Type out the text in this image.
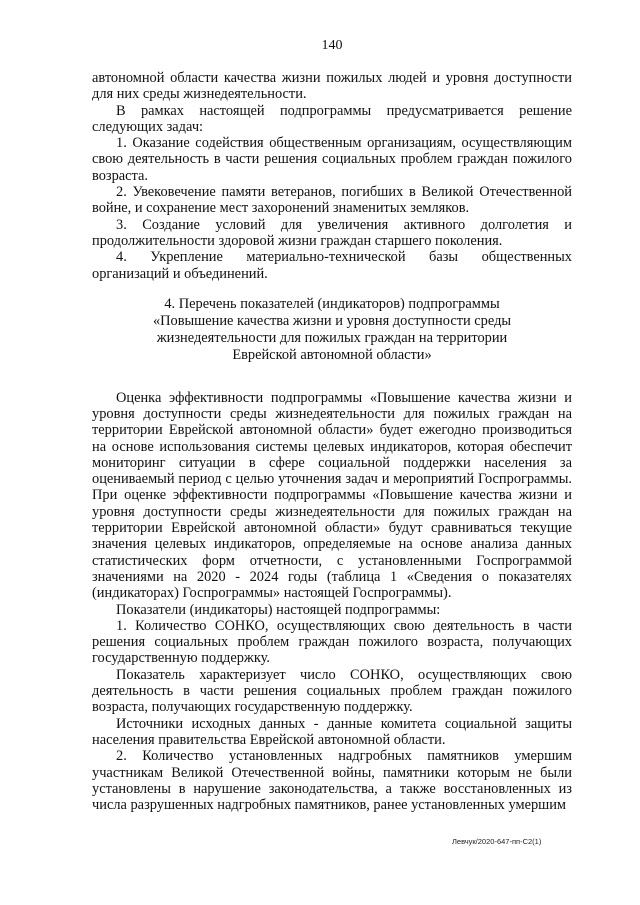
140

автономной области качества жизни пожилых людей и уровня доступности для них среды жизнедеятельности.

В рамках настоящей подпрограммы предусматривается решение следующих задач:

1. Оказание содействия общественным организациям, осуществляющим свою деятельность в части решения социальных проблем граждан пожилого возраста.

2. Увековечение памяти ветеранов, погибших в Великой Отечественной войне, и сохранение мест захоронений знаменитых земляков.

3. Создание условий для увеличения активного долголетия и продолжительности здоровой жизни граждан старшего поколения.

4. Укрепление материально-технической базы общественных организаций и объединений.

4. Перечень показателей (индикаторов) подпрограммы
«Повышение качества жизни и уровня доступности среды
жизнедеятельности для пожилых граждан на территории
Еврейской автономной области»

Оценка эффективности подпрограммы «Повышение качества жизни и уровня доступности среды жизнедеятельности для пожилых граждан на территории Еврейской автономной области» будет ежегодно производиться на основе использования системы целевых индикаторов, которая обеспечит мониторинг ситуации в сфере социальной поддержки населения за оцениваемый период с целью уточнения задач и мероприятий Госпрограммы. При оценке эффективности подпрограммы «Повышение качества жизни и уровня доступности среды жизнедеятельности для пожилых граждан на территории Еврейской автономной области» будут сравниваться текущие значения целевых индикаторов, определяемые на основе анализа данных статистических форм отчетности, с установленными Госпрограммой значениями на 2020 - 2024 годы (таблица 1 «Сведения о показателях (индикаторах) Госпрограммы» настоящей Госпрограммы).

Показатели (индикаторы) настоящей подпрограммы:

1. Количество СОНКО, осуществляющих свою деятельность в части решения социальных проблем граждан пожилого возраста, получающих государственную поддержку.

Показатель характеризует число СОНКО, осуществляющих свою деятельность в части решения социальных проблем граждан пожилого возраста, получающих государственную поддержку.

Источники исходных данных - данные комитета социальной защиты населения правительства Еврейской автономной области.

2. Количество установленных надгробных памятников умершим участникам Великой Отечественной войны, памятники которым не были установлены в нарушение законодательства, а также восстановленных из числа разрушенных надгробных памятников, ранее установленных умершим

Левчук/2020-647-пп-С2(1)
